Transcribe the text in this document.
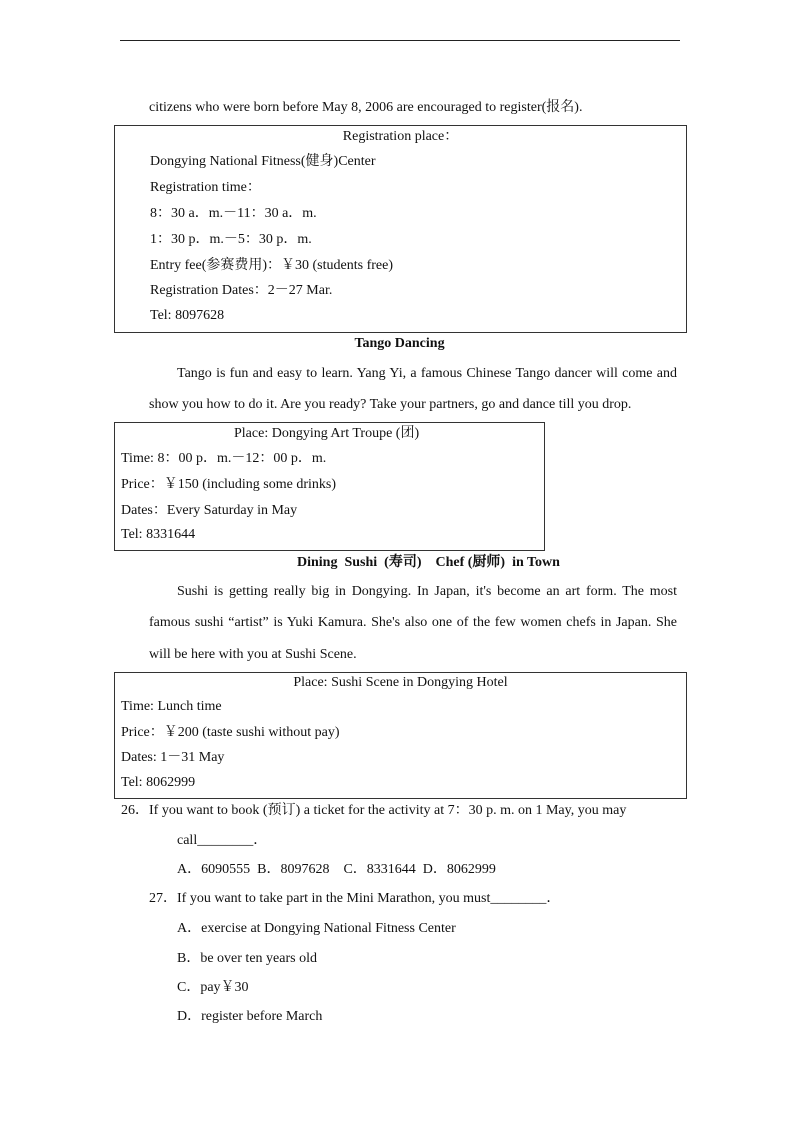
citizens who were born before May 8, 2006 are encouraged to register(报名).
Registration place：
Dongying National Fitness(健身)Center
Registration time：
8：30 a．m.－11：30 a．m.
1：30 p．m.－5：30 p．m.
Entry fee(参赛费用)：￥30 (students free)
Registration Dates：2－27 Mar.
Tel: 8097628
Tango Dancing
Tango is fun and easy to learn. Yang Yi, a famous Chinese Tango dancer will come and
show you how to do it. Are you ready? Take your partners, go and dance till you drop.
Place: Dongying Art Troupe (团)
Time: 8：00 p．m.－12：00 p．m.
Price：￥150 (including some drinks)
Dates：Every Saturday in May
Tel: 8331644
Dining  Sushi  (寿司)    Chef (厨师)  in Town
Sushi is getting really big in Dongying. In Japan, it's become an art form. The most
famous sushi “artist” is Yuki Kamura. She's also one of the few women chefs in Japan. She
will be here with you at Sushi Scene.
Place: Sushi Scene in Dongying Hotel
Time: Lunch time
Price：￥200 (taste sushi without pay)
Dates: 1－31 May
Tel: 8062999
26．If you want to book (预订) a ticket for the activity at 7：30 p. m. on 1 May, you may
call________．
A．6090555  B．8097628    C．8331644  D．8062999
27．If you want to take part in the Mini Marathon, you must________．
A．exercise at Dongying National Fitness Center
B．be over ten years old
C．pay￥30
D．register before March
